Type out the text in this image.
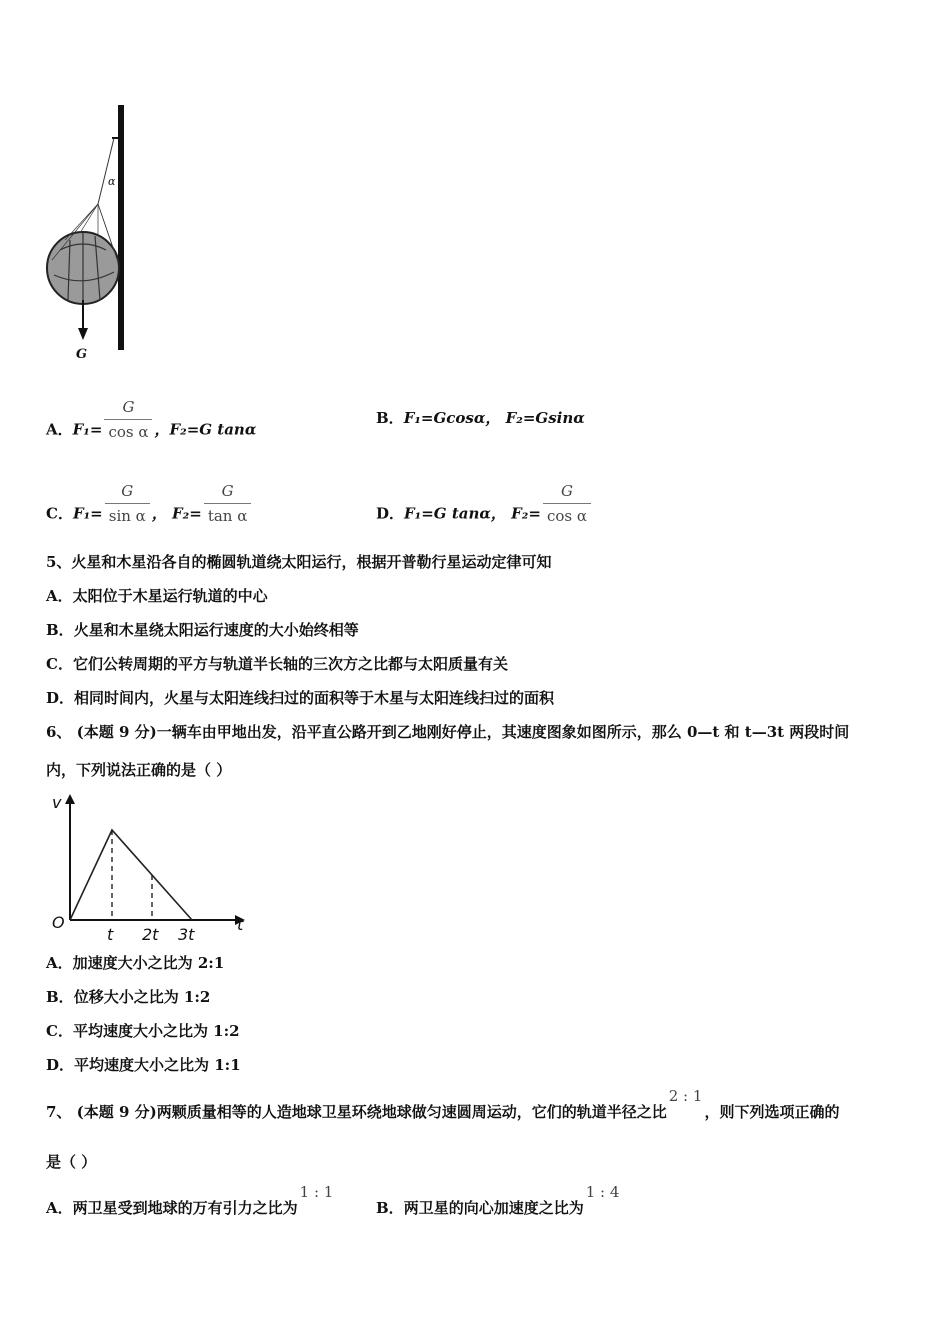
α
G
A．$F_1= \frac{G}{\text{cos α}}$ ，F₂=G tanα
B．F₁=Gcosα， F₂=Gsinα
C．$F_1= \frac{G}{\text{sin α}}$ ， $F_2= \frac{G}{\text{tan α}}$	D．F₁=G tanα， $F_2= \frac{G}{\text{cos α}}$
5、火星和木星沿各自的椭圆轨道绕太阳运行，根据开普勒行星运动定律可知
A．太阳位于木星运行轨道的中心
B．火星和木星绕太阳运行速度的大小始终相等
C．它们公转周期的平方与轨道半长轴的三次方之比都与太阳质量有关
D．相同时间内，火星与太阳连线扫过的面积等于木星与太阳连线扫过的面积
6、 (本题 9 分)一辆车由甲地出发，沿平直公路开到乙地刚好停止，其速度图象如图所示，那么 0—t 和 t—3t 两段时间
内，下列说法正确的是（ ）
v
t
O
t 2t 3t
A．加速度大小之比为 2:1
B．位移大小之比为 1:2
C．平均速度大小之比为 1:2
D．平均速度大小之比为 1:1
7、 (本题 9 分)两颗质量相等的人造地球卫星环绕地球做匀速圆周运动，它们的轨道半径之比2 : 1，则下列选项正确的
是（ ）
A．两卫星受到地球的万有引力之比为1 : 1
B．两卫星的向心加速度之比为1 : 4
